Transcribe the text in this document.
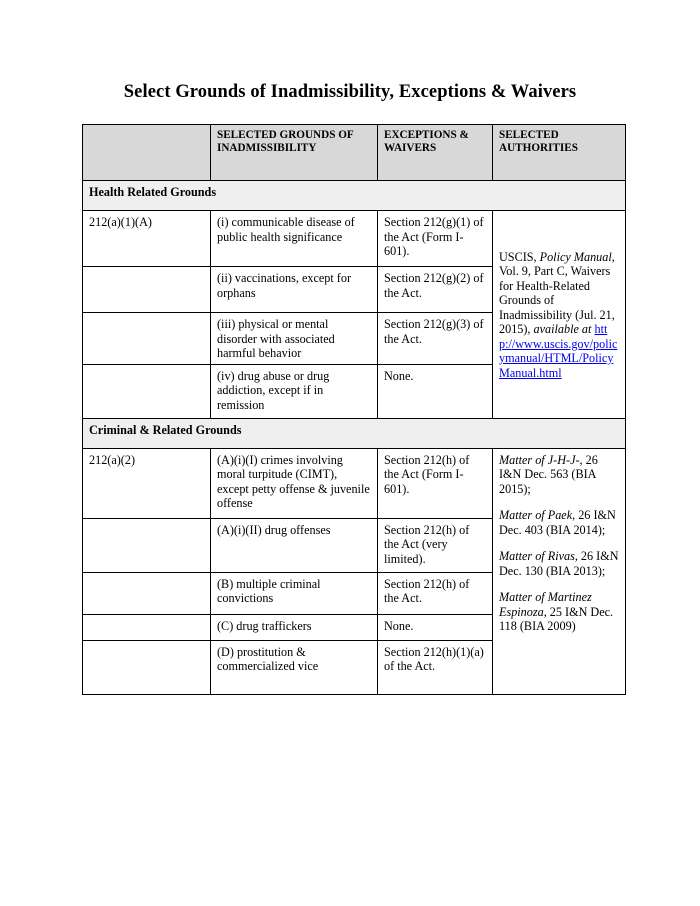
Select Grounds of Inadmissibility, Exceptions & Waivers
	SELECTED GROUNDS OF INADMISSIBILITY	EXCEPTIONS & WAIVERS	SELECTED AUTHORITIES
Health Related Grounds			
212(a)(1)(A)	(i) communicable disease of public health significance	Section 212(g)(1) of the Act (Form I-601).	USCIS, Policy Manual, Vol. 9, Part C, Waivers for Health-Related Grounds of Inadmissibility (Jul. 21, 2015), available at http://www.uscis.gov/policymanual/HTML/PolicyManual.html
	(ii) vaccinations, except for orphans	Section 212(g)(2) of the Act.	
	(iii) physical or mental disorder with associated harmful behavior	Section 212(g)(3) of the Act.	
	(iv) drug abuse or drug addiction, except if in remission	None.	
Criminal & Related Grounds			
212(a)(2)	(A)(i)(I) crimes involving moral turpitude (CIMT), except petty offense & juvenile offense	Section 212(h) of the Act (Form I-601).	Matter of J-H-J-, 26 I&N Dec. 563 (BIA 2015);
Matter of Paek, 26 I&N Dec. 403 (BIA 2014);
Matter of Rivas, 26 I&N Dec. 130 (BIA 2013);
Matter of Martinez Espinoza, 25 I&N Dec. 118 (BIA 2009)

	(A)(i)(II) drug offenses	Section 212(h) of the Act (very limited).	
	(B) multiple criminal convictions	Section 212(h) of the Act.	
	(C) drug traffickers	None.	
	(D) prostitution & commercialized vice	Section 212(h)(1)(a) of the Act.	
